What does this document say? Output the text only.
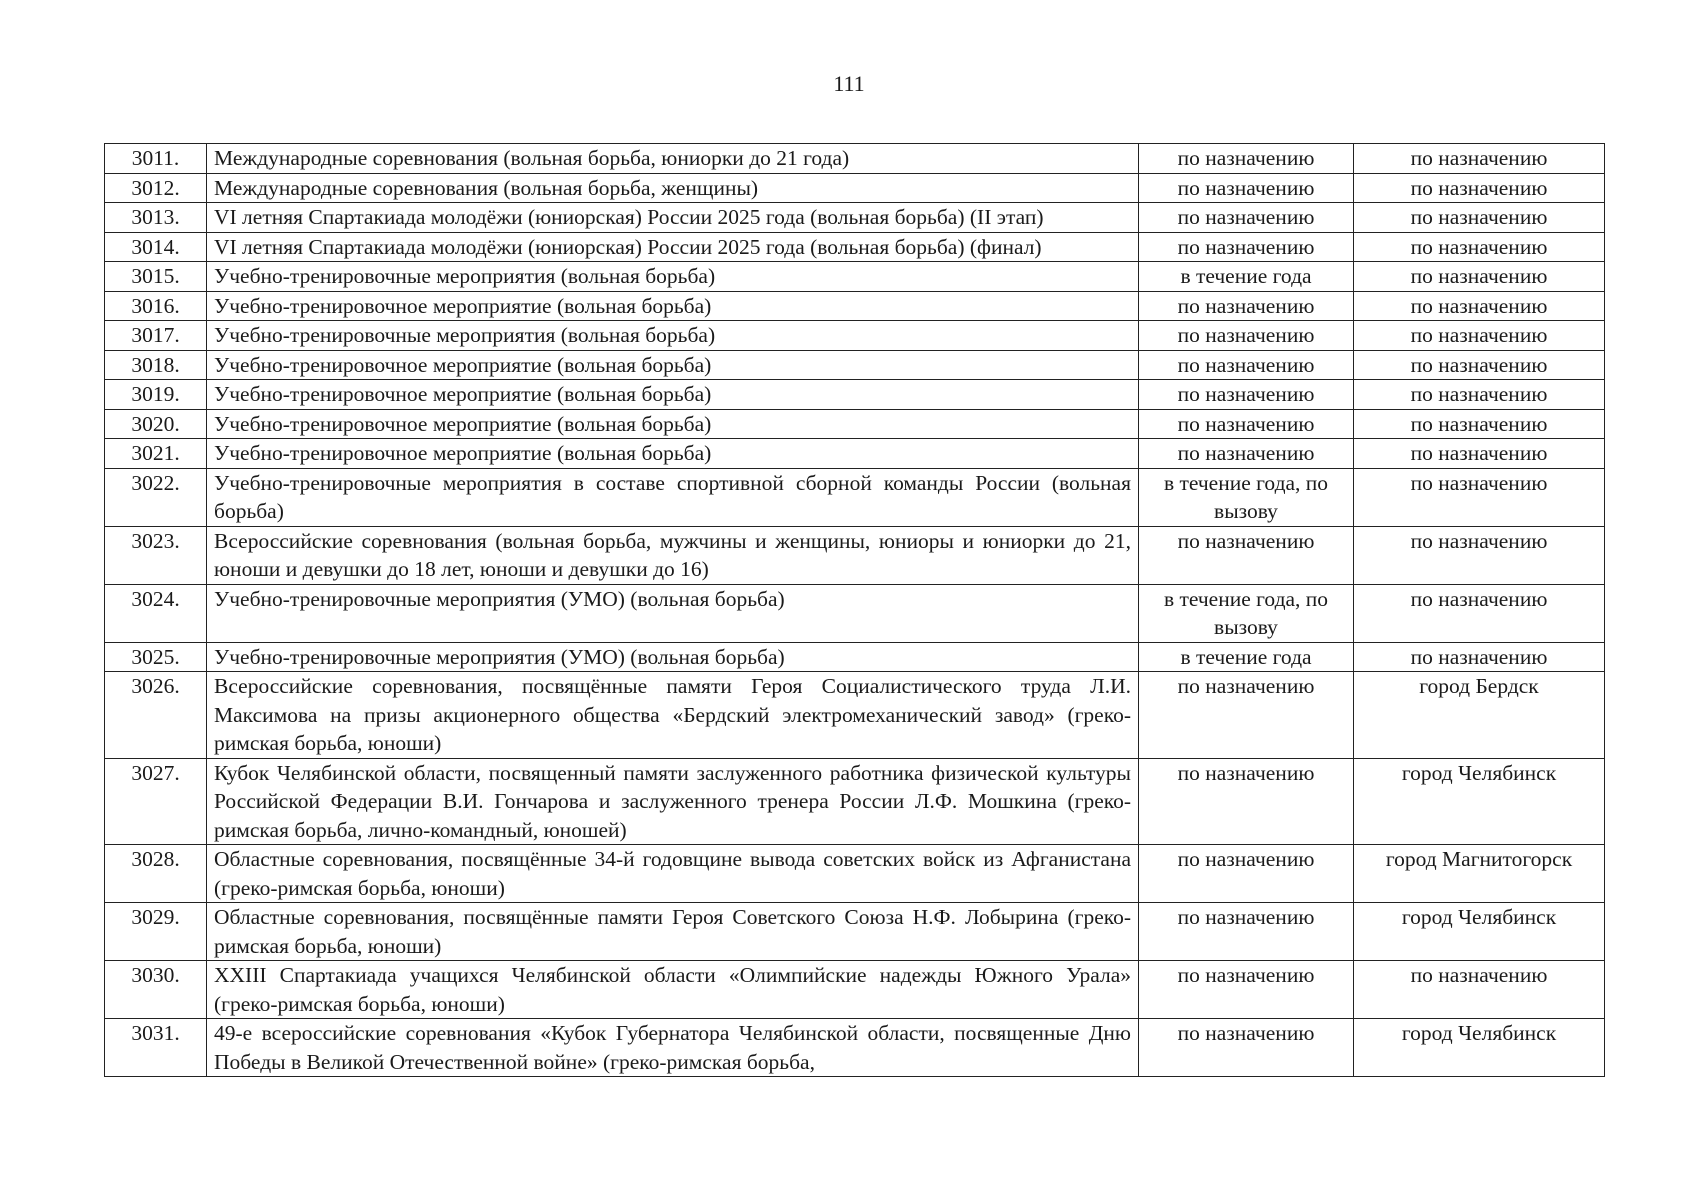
111
3011.	Международные соревнования (вольная борьба, юниорки до 21 года)	по назначению	по назначению
3012.	Международные соревнования (вольная борьба, женщины)	по назначению	по назначению
3013.	VI летняя Спартакиада молодёжи (юниорская) России 2025 года (вольная борьба) (II этап)	по назначению	по назначению
3014.	VI летняя Спартакиада молодёжи (юниорская) России 2025 года (вольная борьба) (финал)	по назначению	по назначению
3015.	Учебно-тренировочные мероприятия (вольная борьба)	в течение года	по назначению
3016.	Учебно-тренировочное мероприятие (вольная борьба)	по назначению	по назначению
3017.	Учебно-тренировочные мероприятия (вольная борьба)	по назначению	по назначению
3018.	Учебно-тренировочное мероприятие (вольная борьба)	по назначению	по назначению
3019.	Учебно-тренировочное мероприятие (вольная борьба)	по назначению	по назначению
3020.	Учебно-тренировочное мероприятие (вольная борьба)	по назначению	по назначению
3021.	Учебно-тренировочное мероприятие (вольная борьба)	по назначению	по назначению
3022.	Учебно-тренировочные мероприятия в составе спортивной сборной команды России (вольная борьба)	в течение года, по вызову	по назначению
3023.	Всероссийские соревнования (вольная борьба, мужчины и женщины, юниоры и юниорки до 21, юноши и девушки до 18 лет, юноши и девушки до 16)	по назначению	по назначению
3024.	Учебно-тренировочные мероприятия (УМО) (вольная борьба)	в течение года, по вызову	по назначению
3025.	Учебно-тренировочные мероприятия (УМО) (вольная борьба)	в течение года	по назначению
3026.	Всероссийские соревнования, посвящённые памяти Героя Социалистического труда Л.И. Максимова на призы акционерного общества «Бердский электромеханический завод» (греко-римская борьба, юноши)	по назначению	город Бердск
3027.	Кубок Челябинской области, посвященный памяти заслуженного работника физической культуры Российской Федерации В.И. Гончарова и заслуженного тренера России Л.Ф. Мошкина (греко-римская борьба, лично-командный, юношей)	по назначению	город Челябинск
3028.	Областные соревнования, посвящённые 34-й годовщине вывода советских войск из Афганистана (греко-римская борьба, юноши)	по назначению	город Магнитогорск
3029.	Областные соревнования, посвящённые памяти Героя Советского Союза Н.Ф. Лобырина (греко-римская борьба, юноши)	по назначению	город Челябинск
3030.	XXIII Спартакиада учащихся Челябинской области «Олимпийские надежды Южного Урала» (греко-римская борьба, юноши)	по назначению	по назначению
3031.	49-е всероссийские соревнования «Кубок Губернатора Челябинской области, посвященные Дню Победы в Великой Отечественной войне» (греко-римская борьба,	по назначению	город Челябинск
